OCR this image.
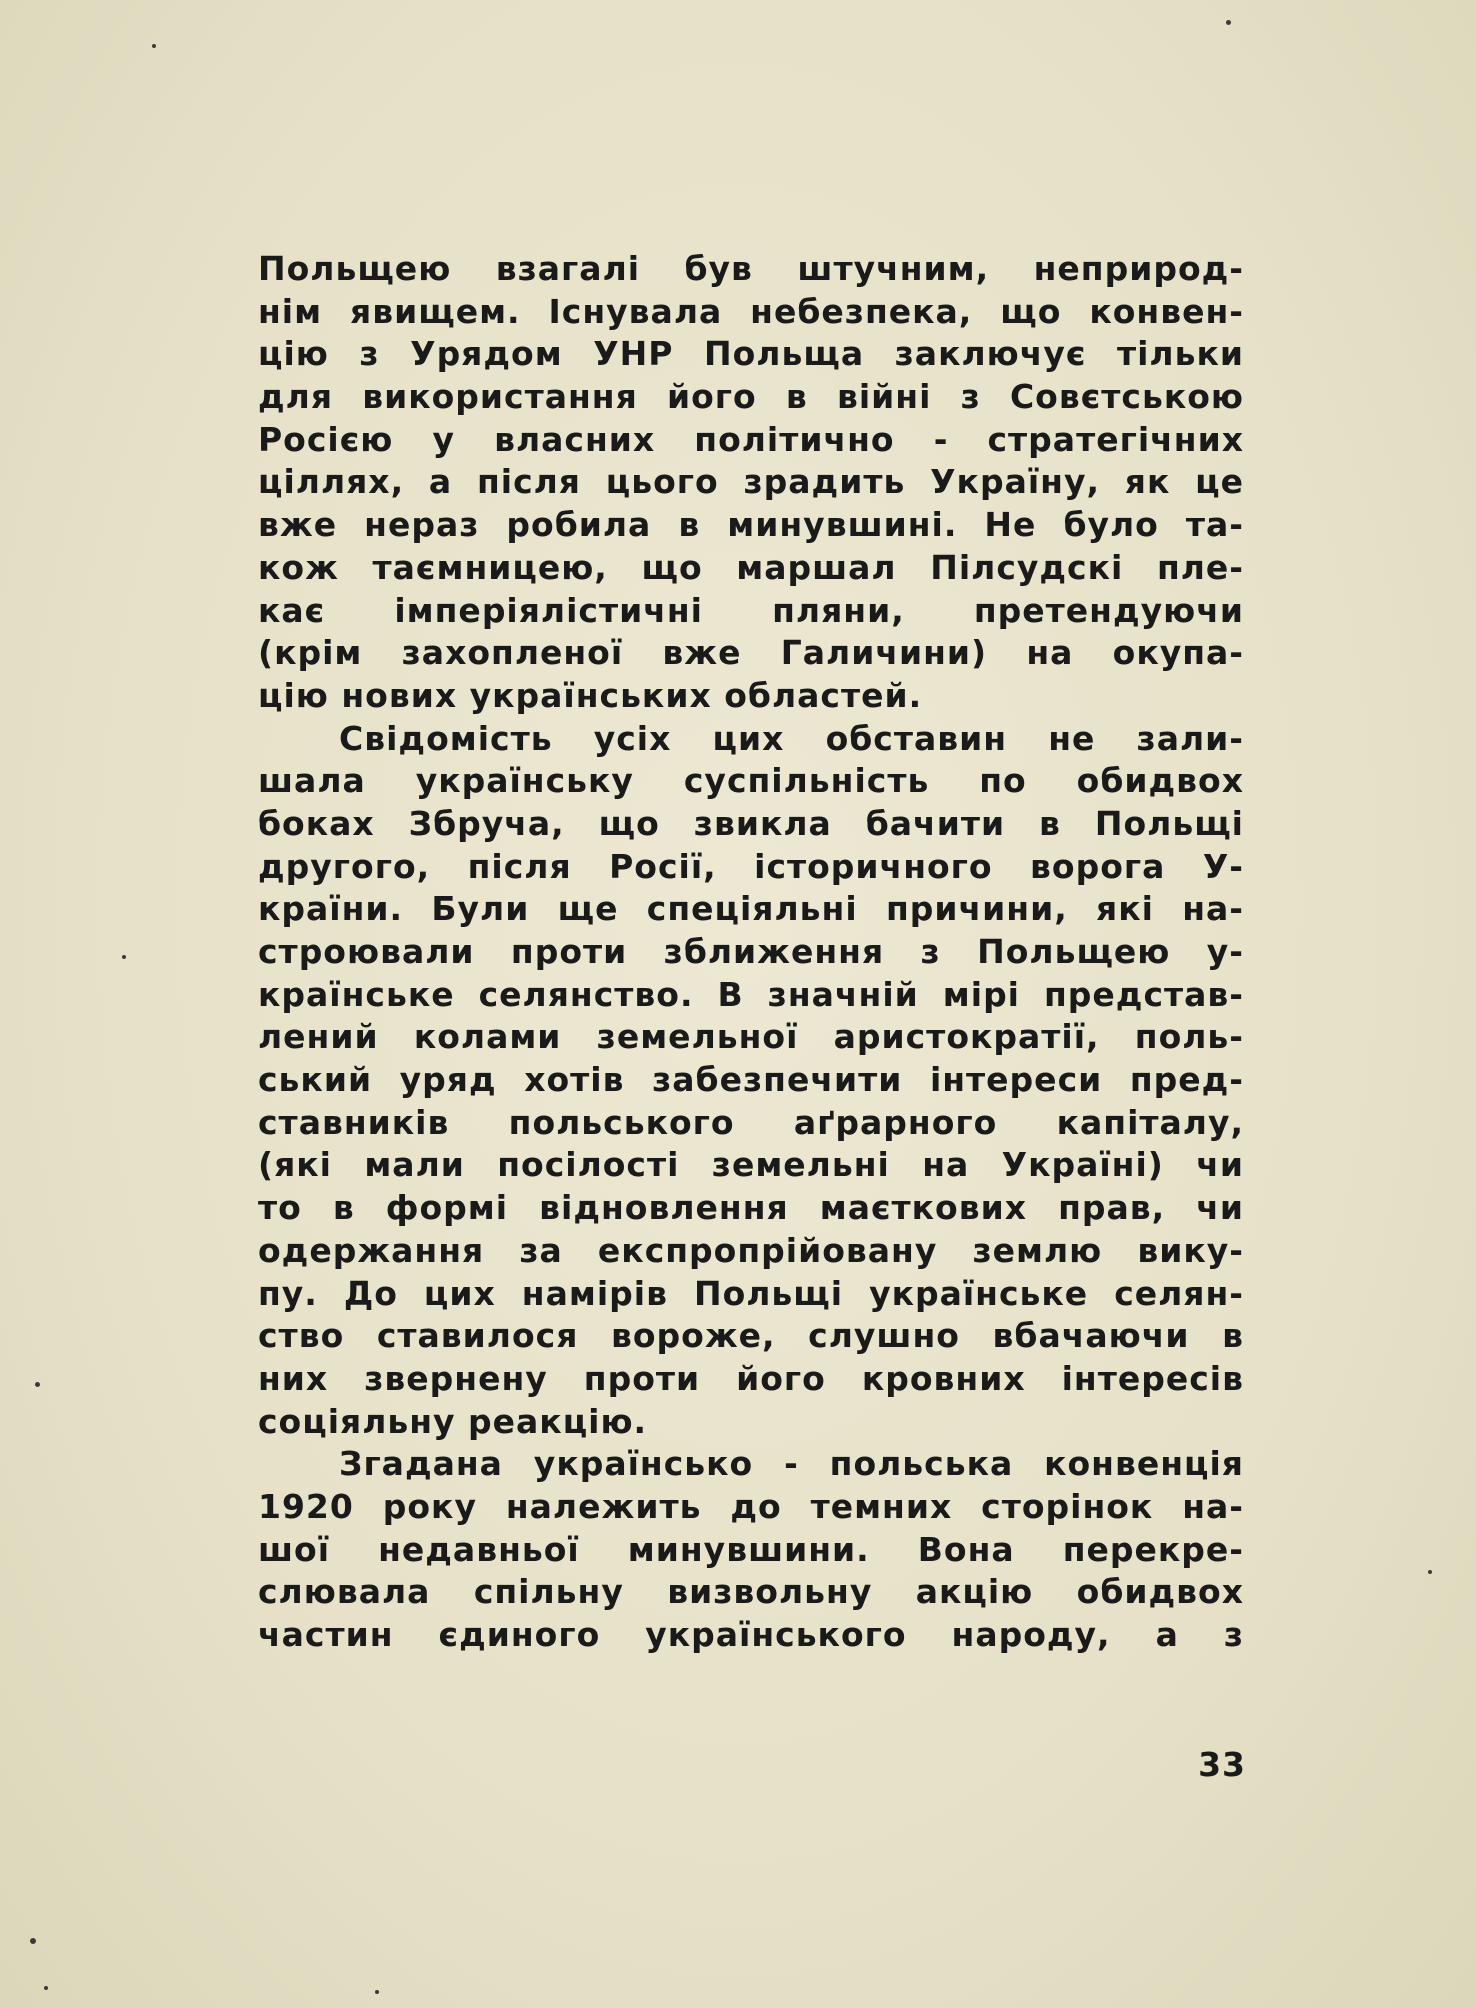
Польщею взагалі був штучним, неприрод-
нім явищем. Існувала небезпека, що конвен-
цію з Урядом УНР Польща заключує тільки
для використання його в війні з Совєтською
Росією у власних політично - стратегічних
ціллях, а після цього зрадить Україну, як це
вже нераз робила в минувшині. Не було та-
кож таємницею, що маршал Пілсудскі пле-
кає імперіялістичні пляни, претендуючи
(крім захопленої вже Галичини) на окупа-
цію нових українських областей.
Свідомість усіх цих обставин не зали-
шала українську суспільність по обидвох
боках Збруча, що звикла бачити в Польщі
другого, після Росії, історичного ворога У-
країни. Були ще спеціяльні причини, які на-
строювали проти зближення з Польщею у-
країнське селянство. В значній мірі представ-
лений колами земельної аристократії, поль-
ський уряд хотів забезпечити інтереси пред-
ставників польського аґрарного капіталу,
(які мали посілості земельні на Україні) чи
то в формі відновлення маєткових прав, чи
одержання за експропрійовану землю вику-
пу. До цих намірів Польщі українське селян-
ство ставилося вороже, слушно вбачаючи в
них звернену проти його кровних інтересів
соціяльну реакцію.
Згадана українсько - польська конвенція
1920 року належить до темних сторінок на-
шої недавньої минувшини. Вона перекре-
слювала спільну визвольну акцію обидвох
частин єдиного українського народу, а з
33
